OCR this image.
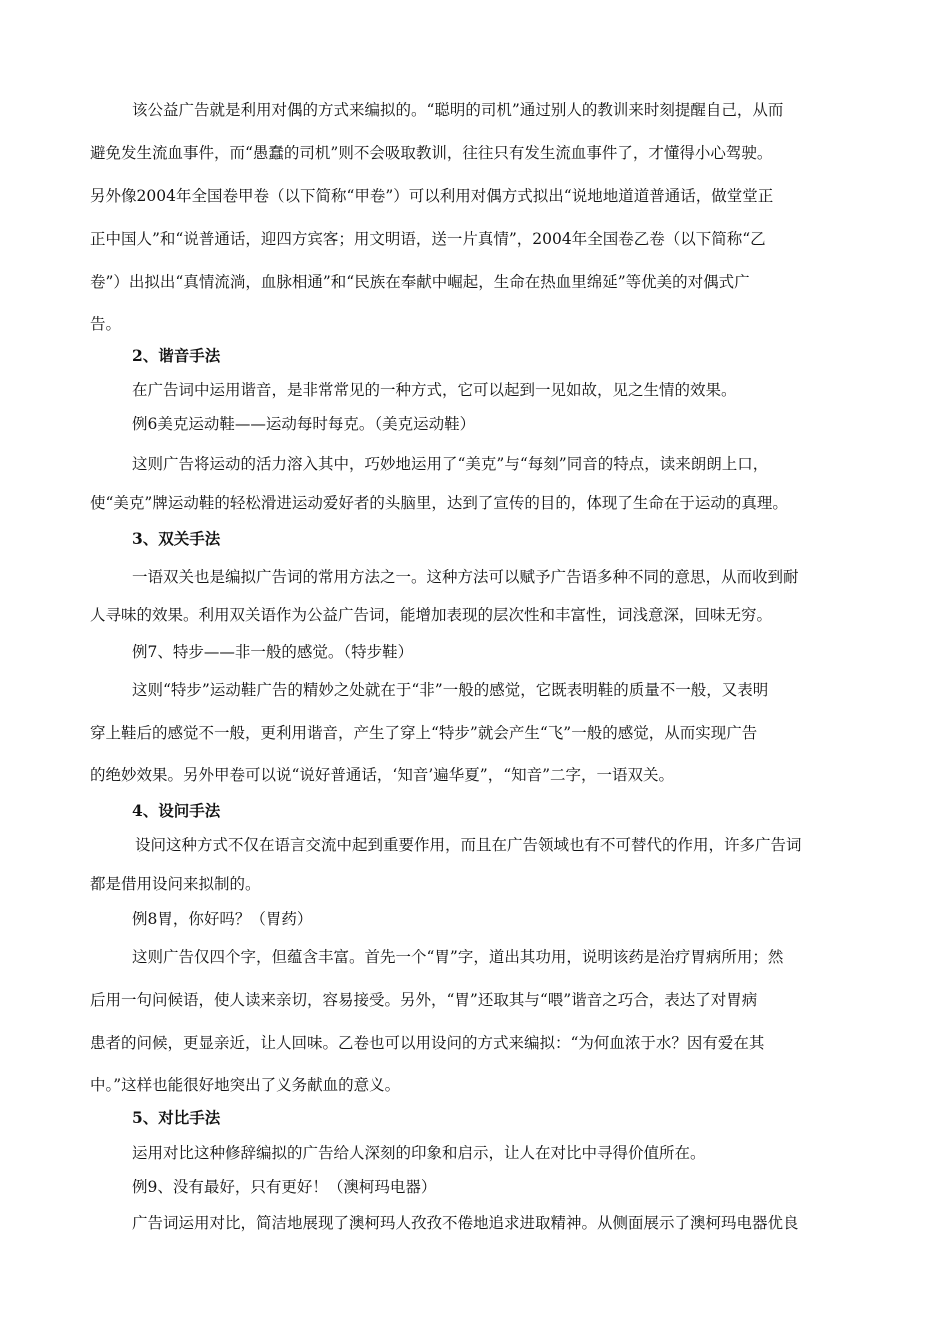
该公益广告就是利用对偶的方式来编拟的。“聪明的司机”通过别人的教训来时刻提醒自己，从而
避免发生流血事件，而“愚蠢的司机”则不会吸取教训，往往只有发生流血事件了，才懂得小心驾驶。
另外像2004年全国卷甲卷（以下简称“甲卷”）可以利用对偶方式拟出“说地地道道普通话，做堂堂正
正中国人”和“说普通话，迎四方宾客；用文明语，送一片真情”，2004年全国卷乙卷（以下简称“乙
卷”）出拟出“真情流淌，血脉相通”和“民族在奉献中崛起，生命在热血里绵延”等优美的对偶式广
告。
2、谐音手法
在广告词中运用谐音，是非常常见的一种方式，它可以起到一见如故，见之生情的效果。
例6美克运动鞋——运动每时每克。（美克运动鞋）
这则广告将运动的活力溶入其中，巧妙地运用了“美克”与“每刻”同音的特点，读来朗朗上口，
使“美克”牌运动鞋的轻松滑进运动爱好者的头脑里，达到了宣传的目的，体现了生命在于运动的真理。
3、双关手法
一语双关也是编拟广告词的常用方法之一。这种方法可以赋予广告语多种不同的意思，从而收到耐
人寻味的效果。利用双关语作为公益广告词，能增加表现的层次性和丰富性，词浅意深，回味无穷。
例7、特步——非一般的感觉。（特步鞋）
这则“特步”运动鞋广告的精妙之处就在于“非”一般的感觉，它既表明鞋的质量不一般，又表明
穿上鞋后的感觉不一般，更利用谐音，产生了穿上“特步”就会产生“飞”一般的感觉，从而实现广告
的绝妙效果。另外甲卷可以说“说好普通话，‘知音’遍华夏”，“知音”二字，一语双关。
4、设问手法
设问这种方式不仅在语言交流中起到重要作用，而且在广告领域也有不可替代的作用，许多广告词
都是借用设问来拟制的。
例8胃，你好吗？（胃药）
这则广告仅四个字，但蕴含丰富。首先一个“胃”字，道出其功用，说明该药是治疗胃病所用；然
后用一句问候语，使人读来亲切，容易接受。另外，“胃”还取其与“喂”谐音之巧合，表达了对胃病
患者的问候，更显亲近，让人回味。乙卷也可以用设问的方式来编拟：“为何血浓于水？因有爱在其
中。”这样也能很好地突出了义务献血的意义。
5、对比手法
运用对比这种修辞编拟的广告给人深刻的印象和启示，让人在对比中寻得价值所在。
例9、没有最好，只有更好！（澳柯玛电器）
广告词运用对比，简洁地展现了澳柯玛人孜孜不倦地追求进取精神。从侧面展示了澳柯玛电器优良
